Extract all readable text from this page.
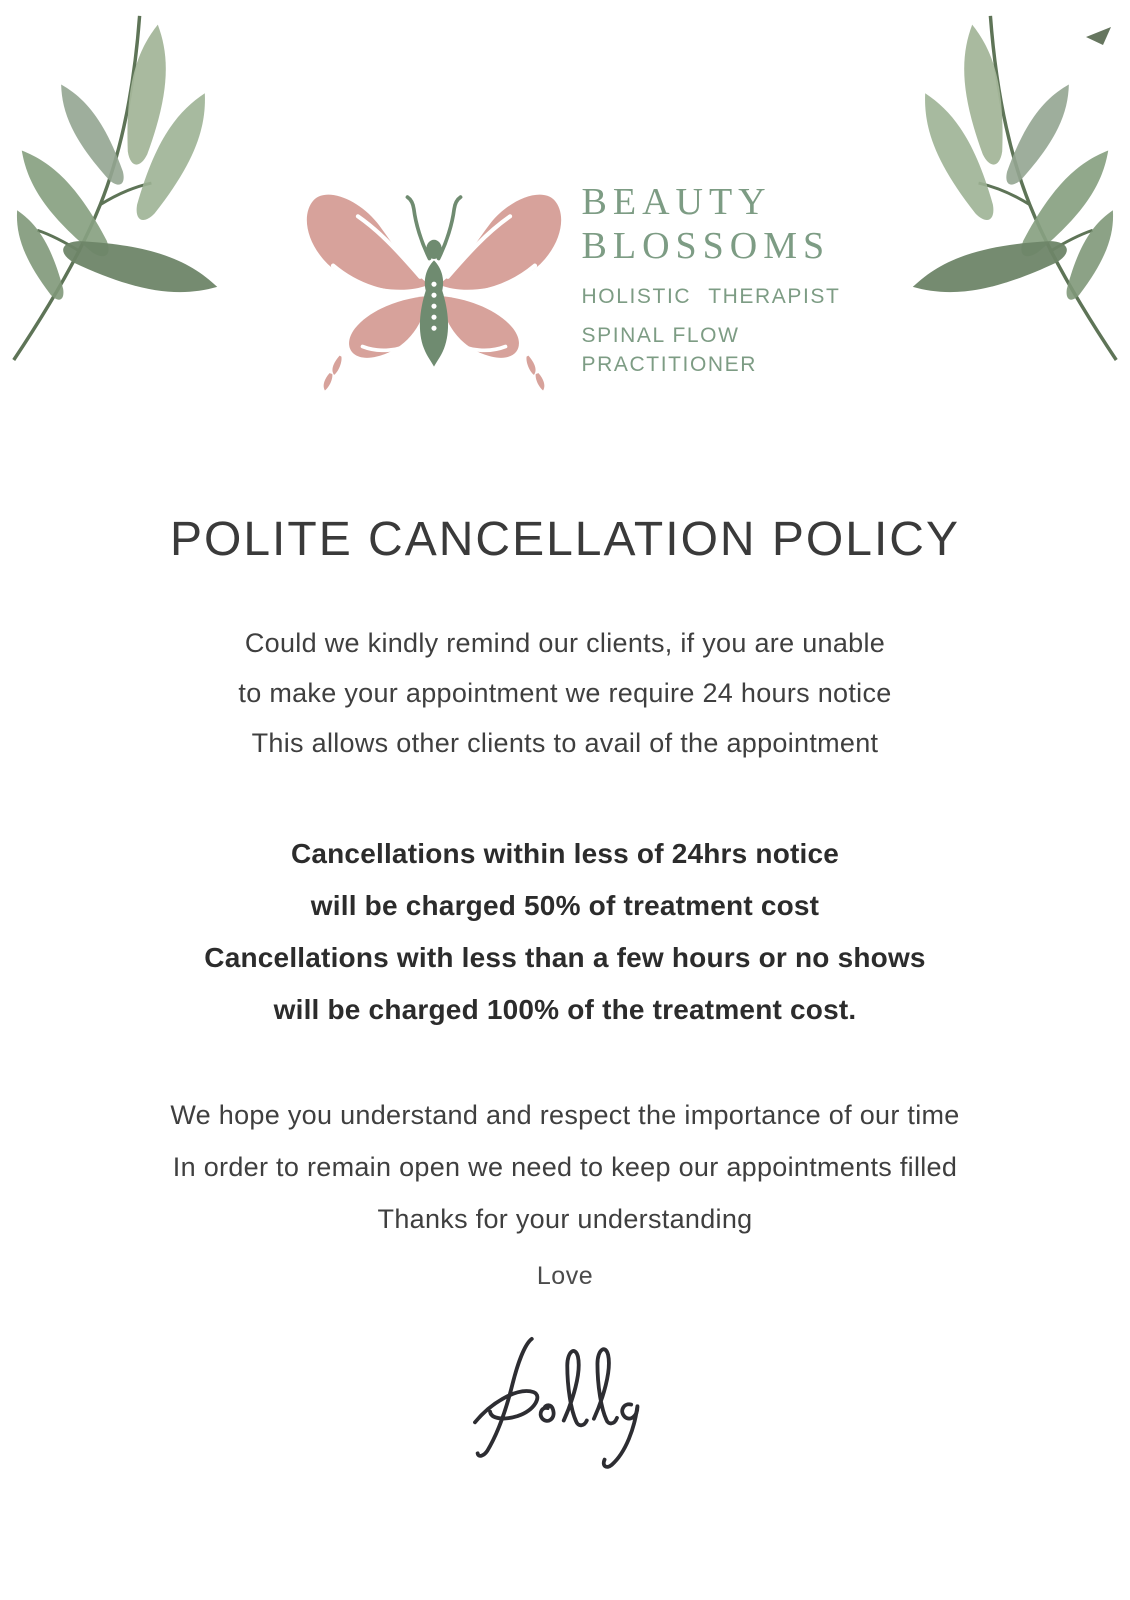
BEAUTY
BLOSSOMS
HOLISTIC THERAPIST
SPINAL FLOW
PRACTITIONER
POLITE CANCELLATION POLICY
Could we kindly remind our clients, if you are unable
to make your appointment we require 24 hours notice
This allows other clients to avail of the appointment
Cancellations within less of 24hrs notice
will be charged 50% of treatment cost
Cancellations with less than a few hours or no shows
will be charged 100% of the treatment cost.
We hope you understand and respect the importance of our time
In order to remain open we need to keep our appointments filled
Thanks for your understanding
Love
